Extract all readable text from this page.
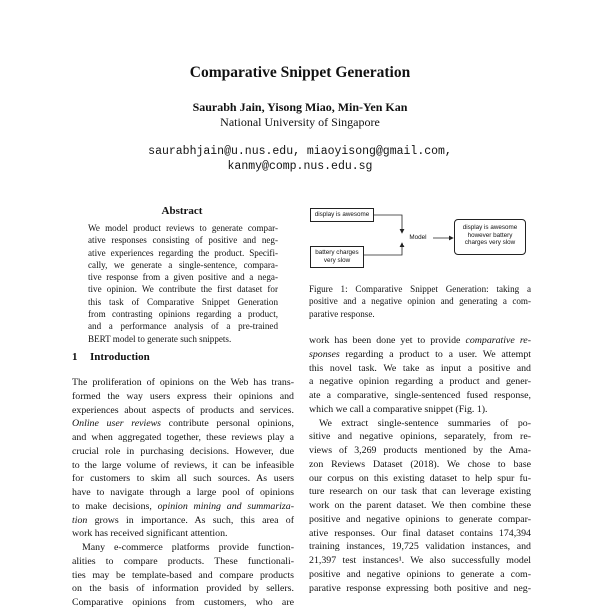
Comparative Snippet Generation
Saurabh Jain, Yisong Miao, Min-Yen Kan
National University of Singapore
saurabhjain@u.nus.edu, miaoyisong@gmail.com,
kanmy@comp.nus.edu.sg
Abstract
We model product reviews to generate compar-
ative responses consisting of positive and neg-
ative experiences regarding the product. Specifi-
cally, we generate a single-sentence, compara-
tive response from a given positive and a nega-
tive opinion. We contribute the first dataset for
this task of Comparative Snippet Generation
from contrasting opinions regarding a product,
and a performance analysis of a pre-trained
BERT model to generate such snippets.
1 Introduction
The proliferation of opinions on the Web has trans-
formed the way users express their opinions and
experiences about aspects of products and services.
Online user reviews contribute personal opinions,
and when aggregated together, these reviews play a
crucial role in purchasing decisions. However, due
to the large volume of reviews, it can be infeasible
for customers to skim all such sources. As users
have to navigate through a large pool of opinions
to make decisions, opinion mining and summariza-
tion grows in importance. As such, this area of
work has received significant attention.
Many e-commerce platforms provide function-
alities to compare products. These functionali-
ties may be template-based and compare products
on the basis of information provided by sellers.
Comparative opinions from customers, who are
display is awesome
battery charges very slow
Model
display is awesome however battery charges very slow
Figure 1: Comparative Snippet Generation: taking a
positive and a negative opinion and generating a com-
parative response.
work has been done yet to provide comparative re-
sponses regarding a product to a user. We attempt
this novel task. We take as input a positive and
a negative opinion regarding a product and gener-
ate a comparative, single-sentenced fused response,
which we call a comparative snippet (Fig. 1).
We extract single-sentence summaries of po-
sitive and negative opinions, separately, from re-
views of 3,269 products mentioned by the Ama-
zon Reviews Dataset (2018). We chose to base
our corpus on this existing dataset to help spur fu-
ture research on our task that can leverage existing
work on the parent dataset. We then combine these
positive and negative opinions to generate compar-
ative responses. Our final dataset contains 174,394
training instances, 19,725 validation instances, and
21,397 test instances¹. We also successfully model
positive and negative opinions to generate a com-
parative response expressing both positive and neg-
